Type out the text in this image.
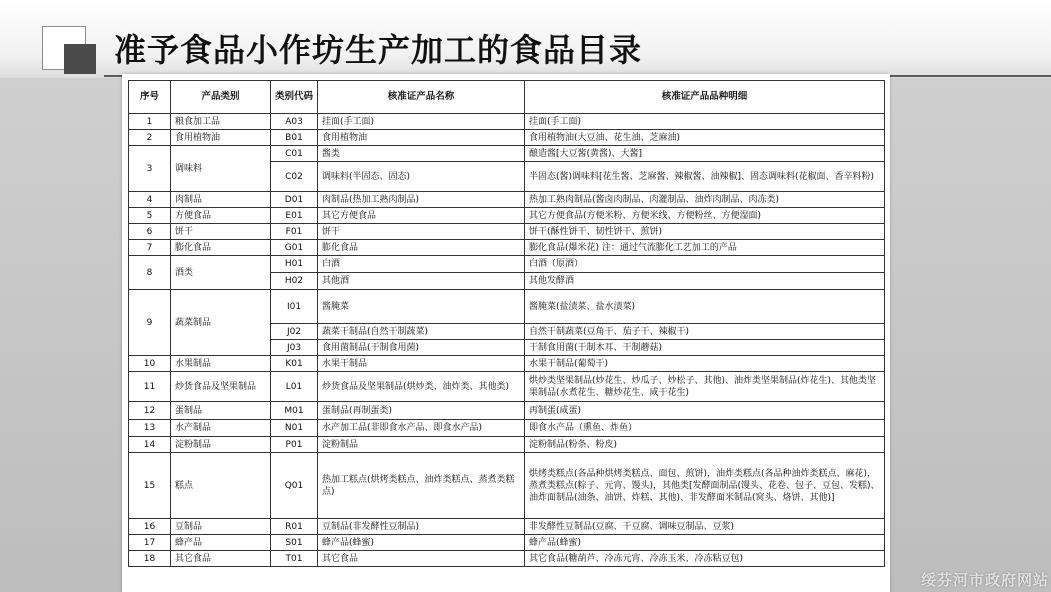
准予食品小作坊生产加工的食品目录
序号	产品类别	类别代码	核准证产品名称	核准证产品品种明细
1	粮食加工品	A03	挂面(手工面)	挂面(手工面)
2	食用植物油	B01	食用植物油	食用植物油(大豆油、花生油、芝麻油)
3	调味料	C01	酱类	酿造酱[大豆酱(黄酱)、大酱]
		C02	调味料(半固态、固态)	半固态(酱)调味料[花生酱、芝麻酱、辣椒酱、油辣椒]、固态调味料(花椒面、香辛料粉)
4	肉制品	D01	肉制品(热加工熟肉制品)	热加工熟肉制品(酱卤肉制品、肉灌制品、油炸肉制品、肉冻类)
5	方便食品	E01	其它方便食品	其它方便食品(方便米粉、方便米线、方便粉丝、方便湿面)
6	饼干	F01	饼干	饼干(酥性饼干、韧性饼干、煎饼)
7	膨化食品	G01	膨化食品	膨化食品(爆米花) 注：通过气流膨化工艺加工的产品
8	酒类	H01	白酒	白酒（原酒）
		H02	其他酒	其他发酵酒
9	蔬菜制品	I01	酱腌菜	酱腌菜(盐渍菜、盐水渍菜)
		J02	蔬菜干制品(自然干制蔬菜)	自然干制蔬菜(豆角干、茄子干、辣椒干)
		J03	食用菌制品(干制食用菌)	干制食用菌(干制木耳、干制蘑菇)
10	水果制品	K01	水果干制品	水果干制品(葡萄干)
11	炒货食品及坚果制品	L01	炒货食品及坚果制品(烘炒类、油炸类、其他类)	烘炒类坚果制品(炒花生、炒瓜子、炒松子、其他)、油炸类坚果制品(炸花生)、其他类坚果制品(水煮花生、糖炒花生、咸干花生)
12	蛋制品	M01	蛋制品(再制蛋类)	再制蛋(咸蛋)
13	水产制品	N01	水产加工品(非即食水产品、即食水产品)	即食水产品（熏鱼、炸鱼）
14	淀粉制品	P01	淀粉制品	淀粉制品(粉条、粉皮)
15	糕点	Q01	热加工糕点(烘烤类糕点、油炸类糕点、蒸煮类糕点)	烘烤类糕点(各品种烘烤类糕点、面包、煎饼)，油炸类糕点(各品种油炸类糕点、麻花)，蒸煮类糕点(粽子、元宵、馒头)，其他类[发酵面制品(馒头、花卷、包子、豆包、发糕)、油炸面制品(油条、油饼、炸糕、其他)、非发酵面米制品(窝头、烙饼、其他)]
16	豆制品	R01	豆制品(非发酵性豆制品)	非发酵性豆制品(豆腐、干豆腐、调味豆制品、豆浆)
17	蜂产品	S01	蜂产品(蜂蜜)	蜂产品(蜂蜜)
18	其它食品	T01	其它食品	其它食品(糖葫芦、冷冻元宵、冷冻玉米、冷冻粘豆包)
绥芬河市政府网站
